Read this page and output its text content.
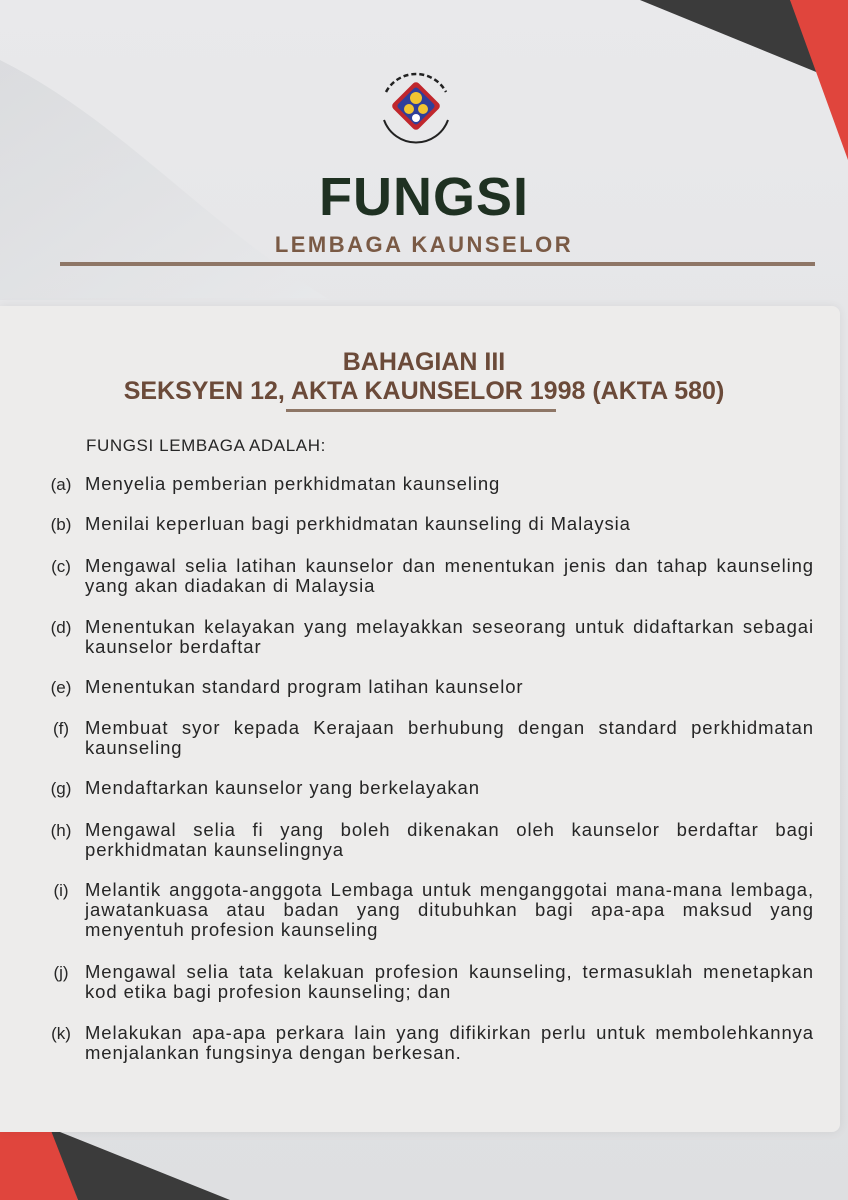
FUNGSI
LEMBAGA KAUNSELOR
BAHAGIAN III
SEKSYEN 12, AKTA KAUNSELOR 1998 (AKTA 580)
FUNGSI LEMBAGA ADALAH:
(a) Menyelia pemberian perkhidmatan kaunseling
(b) Menilai keperluan bagi perkhidmatan kaunseling di Malaysia
(c) Mengawal selia latihan kaunselor dan menentukan jenis dan tahap kaunseling yang akan diadakan di Malaysia
(d) Menentukan kelayakan yang melayakkan seseorang untuk didaftarkan sebagai kaunselor berdaftar
(e) Menentukan standard program latihan kaunselor
(f) Membuat syor kepada Kerajaan berhubung dengan standard perkhidmatan kaunseling
(g) Mendaftarkan kaunselor yang berkelayakan
(h) Mengawal selia fi yang boleh dikenakan oleh kaunselor berdaftar bagi perkhidmatan kaunselingnya
(i) Melantik anggota-anggota Lembaga untuk menganggotai mana-mana lembaga, jawatankuasa atau badan yang ditubuhkan bagi apa-apa maksud yang menyentuh profesion kaunseling
(j) Mengawal selia tata kelakuan profesion kaunseling, termasuklah menetapkan kod etika bagi profesion kaunseling; dan
(k) Melakukan apa-apa perkara lain yang difikirkan perlu untuk membolehkannya menjalankan fungsinya dengan berkesan.
